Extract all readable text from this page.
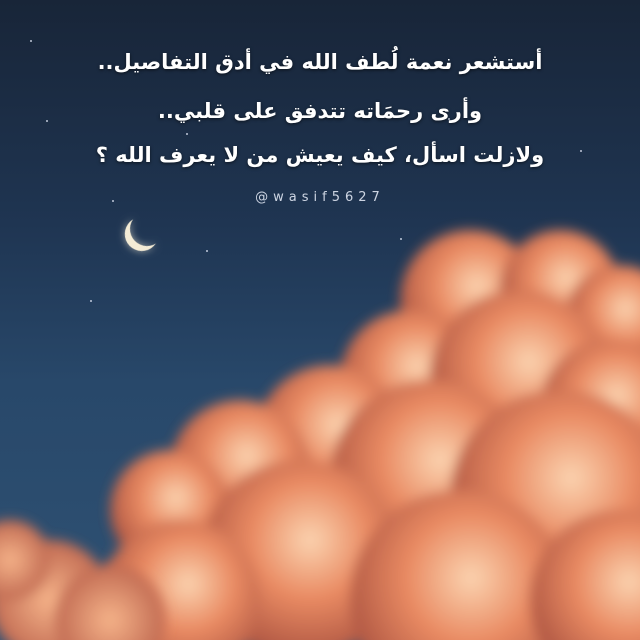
أستشعر نعمة لُطف الله في أدق التفاصيل..
وأرى رحمَاته تتدفق على قلبي..
ولازلت اسأل، كيف يعيش من لا يعرف الله ؟
@wasif5627
